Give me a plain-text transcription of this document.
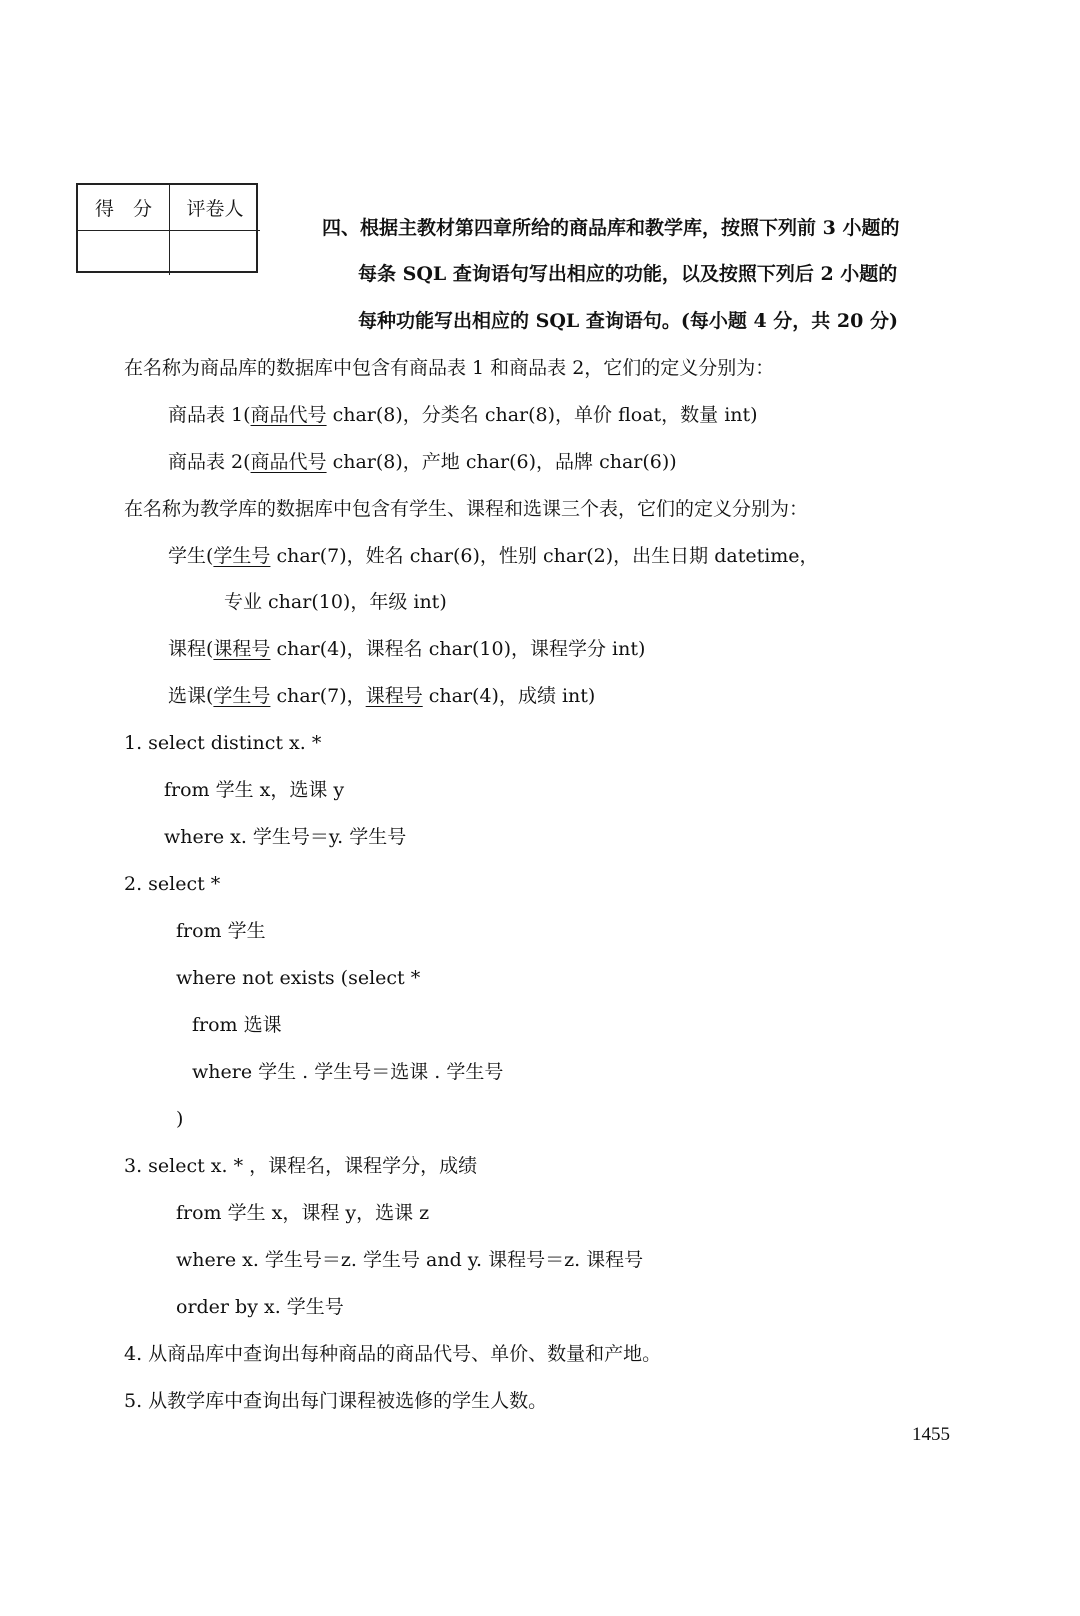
得　分	评卷人
四、根据主教材第四章所给的商品库和教学库，按照下列前 3 小题的
每条 SQL 查询语句写出相应的功能，以及按照下列后 2 小题的
每种功能写出相应的 SQL 查询语句。(每小题 4 分，共 20 分)
在名称为商品库的数据库中包含有商品表 1 和商品表 2，它们的定义分别为：
商品表 1(商品代号 char(8)，分类名 char(8)，单价 float，数量 int)
商品表 2(商品代号 char(8)，产地 char(6)，品牌 char(6))
在名称为教学库的数据库中包含有学生、课程和选课三个表，它们的定义分别为：
学生(学生号 char(7)，姓名 char(6)，性别 char(2)，出生日期 datetime，
专业 char(10)，年级 int)
课程(课程号 char(4)，课程名 char(10)，课程学分 int)
选课(学生号 char(7)，课程号 char(4)，成绩 int)
1. select distinct x. *
from 学生 x，选课 y
where x. 学生号＝y. 学生号
2. select *
from 学生
where not exists (select *
from 选课
where 学生 . 学生号＝选课 . 学生号
)
3. select x. * ，课程名，课程学分，成绩
from 学生 x，课程 y，选课 z
where x. 学生号＝z. 学生号 and y. 课程号＝z. 课程号
order by x. 学生号
4. 从商品库中查询出每种商品的商品代号、单价、数量和产地。
5. 从教学库中查询出每门课程被选修的学生人数。
1455
